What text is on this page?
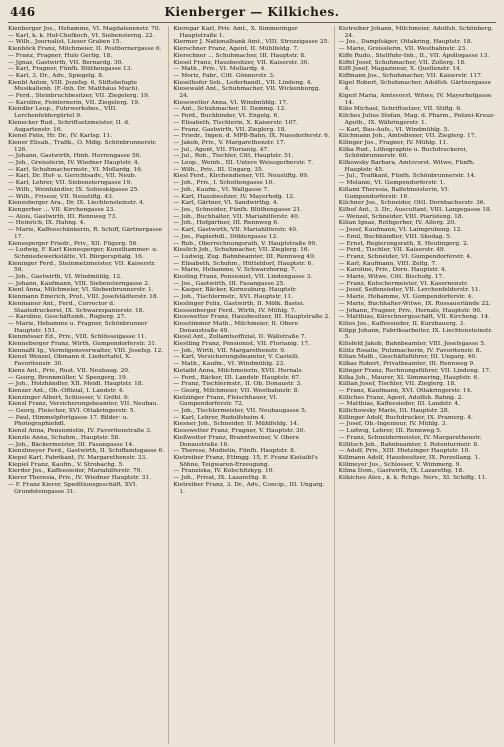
446	Kienberger — Kilkiches.

Kienberger Jos., Hebamme, VI. Magdalenenstr. 70.

— Karl, k. k. Hof-Chefkoch, VI. Siebensterng. 22.

— Wilh., Journalist, Lieser Graben 15.

Kienböck Franz, Milchmeier, II. Postbornergasse 6.

— Franz, Fragner, Hulo Gerlig. 18.

— Jgnaz, Gastwirth, VII. Bernardg. 30.

— Karl, Fragner, Fünfh. Blüthengasse 13.

— Karl, 3. Dr., Adv., Spiegelg. 8.

Kienbl Anton, VIII. Jozefsg. 6, Stiftsbefugte Musikalienh. (F.-Inh. Dr. Matthäus Much).

— Ferd., Steinbruchbesitzer, VII. Ziegelerg. 19.

— Karoline, Feinlernerin, VII. Ziegelerg. 19.

Kiendler Leop., Fuhrwerksbes., VIII. Lerchenfeldergürtel 9.

Kienecker Rud., Schriftsetzmeister, II. d. Augartenstr. 16.

Kienel Felix, Hr. Dr., IV. Karlsg. 11.

Kiener Elisab., Trafik., O. Mdlg. Schönbrunnerstr. 126.

— Johann, Gastwirth, Hmb. Herrengasse 50.

— Joh., Greisslerin, IV. Wiedner Hauptstr. 4.

— Karl, Schuhmachermstr., VI. Mollardg. 16.

— Karl, Dr. Hof- u. Gerichtsadv., VII. Neub.

— Karl, Lehrer, VII. Siebensterngasse 19.

— Wilh., Weinhändler, IX. Sobieskigasse 25.

— Wilh., Friseur, VII. Neustiftg. 43.

Kienesberger Ara., Dr. IX. Liechtensteinstr. 4.

Kiengerber ... VII. Kirchengasse 23.

— Alois, Gastwirth, III. Rennweg 73.

— Heinrich, IX. Hahng. 4.

— Marie, Kaffeeschänkerin, R. Schiff, Gärtnergasse 17.

Kienesperger Friedr., Priv., XII. Fügerg. 56.

— Ludwig, F. Karl Kienesperger, Kunsthammer- u. Schmiedewerkstätte, VI. Bürgerspitalg. 16.

Kieninger Ferd., Steinmetzmeister, VII. Kaiserstr. 59.

— Joh., Gastwirth, VI. Windmühlg. 12.

— Johann, Kaufmann, VIII. Siebensterngasse 2.

Kienl Anna, Milchmeier, VI. Siebenbrunnerstr. 1.

Kienmann Emerich, Prof., VIII. Josefstädterstr. 18.

Kienmaner Ant., Ferd., Corrector d. Staatsdruckerei, IX. Schwarzspanierstr. 18.

— Karoline, Geschäftsinh., Roglerg. 27.

— Marie, Hebamme u. Fragner, Schönbrunner Hauptstr. 151.

Kienmösser Ed., Priv., VIII. Schlösselgasse 11.

Kienneberger Franz, Wirth, Gumpendorferstr. 31.

Kiennaßt Ig., Vermögensverwalter, VIII. Josefsg. 12.

Kienst Wenzel, Obmann d. Liedertafel, X. Favoritenstr. 30.

Kienz Ant., Priv., Rust. VII. Neubaug. 20.

— Georg, Brennmüller, V. Spengerg. 19.

— Joh., Holzhändler, XII. Meidl. Hauptstr. 18.

Kienzer Ant., Ob.-Offizial, I. Landstr. 4.

Kienzinger Albert, Schlosser, V. Gröbl. 6.

Kienzl Franz, Versicherungsbeamter, VII. Neubau.

— Georg, Fleischer, XVI. Ottakringerstr. 5.

— Paul, Himmelpfortgasse 17. Bilder- u. Photographiehdl.

Kienzl Anna, Pensionistin, IV. Favoritenstraße 3.

Kienzle Anna, Schuhm., Hauptstr. 58.

— Joh., Bäckermeister, III. Fasangasse 14.

Kienzlmeyer Ferd., Gastwirth, II. Schiffamtsgasse 6.

Kiepel Karl, Fabrikant, IV. Margarethenstr. 33.

Kiepiel Franz, Kaufm., V. Strobachg. 5.

Kierder Jos., Kaffeesieder, Mariahilferstr. 79.

Kierer Theresia, Priv., IV. Wiedner Hauptstr. 31.

— F. Franz Kierer, Speditionsgeschäft, XVI. Grundsteingasse 31.

Kieregar Karl, Priv. Amt., X. Simmeringer Hauptstraße 1.

Kiermer J. Nationalbank Amt., VIII. Strozzigasse 25.

Kierschner Franz, Agent, II. Mühlfeldg. 7.

Kierschner ... Schuhmacher, III. Hauptstr. 8.

Kiesel Franz, Hausbesitzer, VII. Kaiserstr. 30.

— Math., Priv., VI. Mollardg. 4.

— Moriz, Fabr., Citt. Gönnerstr. 3.

Kieselhofer Seb., Lederhandl., VII. Lindeng. 4.

Kiesewald Ant., Schuhmacher, VII. Wickenburgg. 24.

Kiesewetter Anna, VI. Windmühlg. 17.

— Ant., Schuhmacher, II. Dammg. 12.

— Ferd., Buchbinder, VI. Engelg. 6.

— Elisabeth, Tischlerin, X. Kaiserstr. 107.

— Franz, Gastwirth, VII. Zieglerg. 18.

— Friedr., Ingen. d. MPB-Bahn, IX. Nussdorferstr. 6.

— Jakob, Priv., V. Margarethenstr. 17.

— Jul., Agent, VII. Florianig. 47.

— Jul., Rob., Tischler, Citt. Hauptstr. 51.

— Leop., Weinh., III. Untere Weissgerberstr. 7.

— Wilh., Priv., III. Ungarg. 35.

Kiesl Ferd., Kirchendiener, VII. Neustiftg. 69.

— Joh., Priv., I. Schottengasse 10.

— Joh., Kaufm., VI. Wallgasse 7.

— Karl, Hausbesitzer, IV. Mayerhofg. 12.

— Karl, Gärtner, VI. Sandwirthg. 4.

— Jos., Schneider, Fünfh. Blüthengasse 21.

— Joh., Buchhalter, VII. Mariahilferstr. 40.

— Joh., Hofgärtner, III. Rennweg 6.

— Karl, Gastwirth, VII. Mariahilferstr. 40.

— Jos., Papierhdl., Döblergasse 12.

— Rob., Oberrechnungsrath, V. Hauptstraße 99.

Kieslich Joh., Schuhmacher, VII. Zieglerg. 16.

— Ludwig, Zug. Bahnbeamter, III. Rennweg 49.

— Elisabeth, Schuhm., Hütteldorf, Hauptstr. 6.

— Marie, Hebamme, V. Schwarzhorng. 7.

Kiesling Franz, Pensionist, VII. Lindengasse 3.

— Jos., Gastwirth, III. Fasangasse 25.

— Kasper, Bäcker, Korneuburg, Hauptstr.

— Joh., Tischlermstr., XVI. Hauptstr. 11.

Kieslinger Felix, Gastwirth, II. Mölk. Bastei.

Kiessenberger Ferd., Wirth, IV. Mühlg. 7.

Kiesswetter Franz, Hausbesitzer, III. Hauptstraße 2.

Kiesstimmer Math., Milchmeier, II. Obere Donaustraße 49.

Kiessl Ant., Zollamtsoffizial, II. Wallstraße 7.

Kiestling Franz, Pensionist, VII. Florianig. 17.

— Joh., Wirth, VII. Margarethenstr. 9.

— Karl, Versicherungsbeamter, V. Castelli.

— Math., Kaufm., VI. Windmühlg. 23.

Kietaibl Anna, Milchmeierin, XVII. Hernals.

— Ferd., Bäcker, III. Landstr. Hauptstr. 67.

— Franz, Tischlermstr., II. Ob. Donaustr. 3.

— Georg, Milchmeier, VII. Westbahnstr. 8.

Kietzinger Franz, Fleischhauer, VI. Gumpendorferstr. 72.

— Joh., Tischlermeister, VII. Neubaugasse 5.

— Karl, Lehrer, Rudolfsheim 4.

Kiesner Joh., Schneider, II. Mühlfeldg. 14.

Kiesswetter Franz, Fragner, V. Hauptstr. 30.

Kießwetter Franz, Branntweiner, V. Obere Donaustraße 16.

— Therese, Modistin, Fünfh. Hauptstr. 8.

Kietreiber Franz, Ettmgg. 15, F. Franz Kietaibl's Söhne, Teigwaren-Erzeugung.

— Franziska, IV. Kolschitzkyg. 10.

— Joh., Privat, IX. Lazarethg. 8.

Kietreiber Franz, 3. Dr., Adv., Concip., III. Ungarg. 1.

Kietreiber Johann, Milchmeier, Adolfsh. Schönberg. 24.

— Jos., Dampfsäger, Ottakring, Hauptstr. 18.

— Marie, Greisslerin, VII. Westbahnstr. 23.

Kiffe Rudo., Stellfuhr-Inh., II., VII. Apollogasse 13.

Kiffel Josef, Schuhmacher, VII. Zollerg. 18.

Kiffl Josef, Magazineur, X. Quellenstr. 14.

Kiffmann Jos., Schuhmacher, VII. Kaiserstr. 117.

Kigel Robert, Schuhmacher, Adolfsh. Gärtnergasse 4.

Kigerl Maria, Amtsvorst. Witwe, IV. Mayerhofgasse 14.

Kiko Michael, Schriftsetzer, VII. Stiftg. 6.

Kilches Julius Stefan, Mag. d. Pharm., Polizei-Kreuz-Apoth., IX. Währingerstr. 1.

— Karl, Bau-Aufs., VI. Windmühlg. 5.

Kilchmann Joh., Amtsdiener, VII. Zieglerg. 17.

Kilinger Jos., Fragner, IV. Mühlg. 11.

Kilka Rud., Lithographie u. Buchdruckerei, Schönbrunnerstr. 60.

Kilkowsky Barbara, Amtsvorst. Witwe, Fünfh. Hauptstr. 45.

— Jul., Trafikant, Fünfh. Schönbrunnerstr. 14.

— Melanie, VI. Gumpendorferstr. 1.

Killami Theresia, Balletmeisterin, VI. Gumpendorferstr. 16.

Kilchner Jos., Schneider, Ottl. Dornbacherstr. 36.

Kilhof Ant., 3. Dr., Auscultant, VIII. Langegasse 18.

— Wenzel, Schneider, VIII. Piaristeng. 18.

Kilian Ignaz, Rothgerber, IV. Allerg. 20.

— Josef, Kaufmann, VI. Laimgrubeng. 12.

— Emil, Buchhändler, VIII. Skodag. 5.

— Ernst, Regierungsrath, X. Heutingerg. 2.

— Ferd., Tischler, VII. Kaiserstr. 49.

— Franz, Schneider, VI. Gumpendorferstr. 4.

— Karl, Kaufmann, VIII. Zeltg. 7.

— Karoline, Priv., Dorn. Hauptstr. 4.

— Marie, Witwe, Citt. Bischofg. 17.

— Franz, Kutschermeister, VI. Kasernenstr.

— Josef, Seifensieder, VII. Lerchenfelderstr. 11.

— Marie, Hebamme, VI. Gumpendorferstr. 4.

— Marie, Buchhalter-Witwe, IX. Rossauerlände 22.

— Johann, Fragner, Priv., Hernals, Hauptstr. 90.

— Matthias, Kürschnergeschäft, VII. Kircheng. 14.

Kilies Jos., Kaffeesieder, II. Kurzbauerg. 3.

Kilipp Johann, Fabriksarbeiter, IX. Liechtensteinstr. 5.

Kilisfeld Jakob, Bahnbeamter, VIII. Josefsgasse 5.

Kilitz Rosalie, Putzmacherin, IV. Favoritenstr. 8.

Kilian Math., Geschäftsführer, III. Ungarg. 40.

Kilkas Robert, Privatbeamter, III. Rennweg 9.

Kilinger Franz, Rechnungsführer, VII. Lindeng. 17.

Kilka Joh., Maurer, XI. Simmering, Hauptstr. 6.

Killian Josef, Tischler, VII. Zieglerg. 18.

— Franz, Kaufmann, XVI. Ottakringerstr. 14.

Killiches Franz, Agent, Adolfsh. Bahng. 2.

— Matthias, Kaffeesieder, III. Landstr. 4.

Killichowsky Marie, III. Hauptstr. 28.

Killinger Adolf, Buchdrucker, IX. Pramerg. 4.

— Josef, Ob.-Ingenieur, IV. Mühlg. 3.

— Ludwig, Lehrer, III. Rennweg 5.

— Franz, Schneidermeister, IV. Margarethenstr.

Killitsch Joh., Bahnbeamter, I. Rotenturmstr. 8.

— Adolf, Priv., XIII. Hietzinger Hauptstr. 10.

Killmann Adolf, Hausbesitzer, IX. Porzellang. 1.

Killmeyer Jos., Schlosser, V. Wimmerg. 9.

Kilma Dom., Gastwirth, IX. Lazarethg. 18.

Kilkiches Alex., k. k. Rchgs. Nerv., XI. Schiffg. 11.
